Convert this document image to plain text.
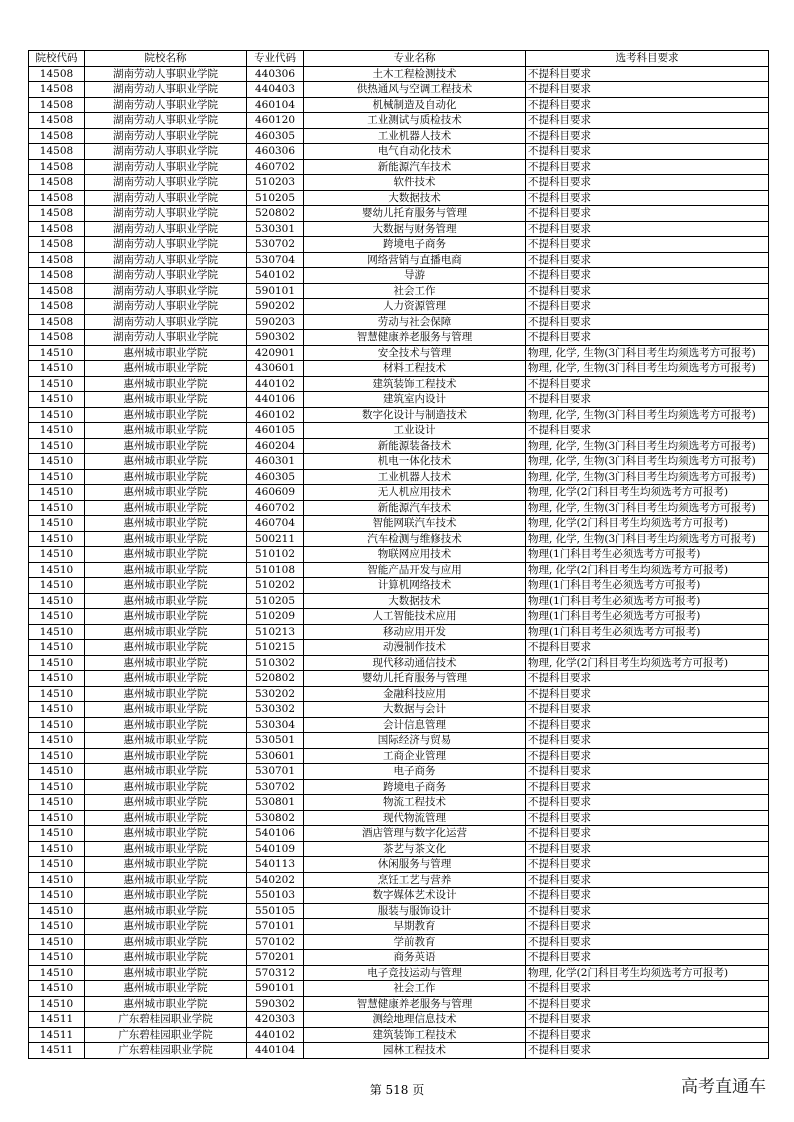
院校代码	院校名称	专业代码	专业名称	选考科目要求
14508	湖南劳动人事职业学院	440306	土木工程检测技术	不提科目要求
14508	湖南劳动人事职业学院	440403	供热通风与空调工程技术	不提科目要求
14508	湖南劳动人事职业学院	460104	机械制造及自动化	不提科目要求
14508	湖南劳动人事职业学院	460120	工业测试与质检技术	不提科目要求
14508	湖南劳动人事职业学院	460305	工业机器人技术	不提科目要求
14508	湖南劳动人事职业学院	460306	电气自动化技术	不提科目要求
14508	湖南劳动人事职业学院	460702	新能源汽车技术	不提科目要求
14508	湖南劳动人事职业学院	510203	软件技术	不提科目要求
14508	湖南劳动人事职业学院	510205	大数据技术	不提科目要求
14508	湖南劳动人事职业学院	520802	婴幼儿托育服务与管理	不提科目要求
14508	湖南劳动人事职业学院	530301	大数据与财务管理	不提科目要求
14508	湖南劳动人事职业学院	530702	跨境电子商务	不提科目要求
14508	湖南劳动人事职业学院	530704	网络营销与直播电商	不提科目要求
14508	湖南劳动人事职业学院	540102	导游	不提科目要求
14508	湖南劳动人事职业学院	590101	社会工作	不提科目要求
14508	湖南劳动人事职业学院	590202	人力资源管理	不提科目要求
14508	湖南劳动人事职业学院	590203	劳动与社会保障	不提科目要求
14508	湖南劳动人事职业学院	590302	智慧健康养老服务与管理	不提科目要求
14510	惠州城市职业学院	420901	安全技术与管理	物理, 化学, 生物(3门科目考生均须选考方可报考)
14510	惠州城市职业学院	430601	材料工程技术	物理, 化学, 生物(3门科目考生均须选考方可报考)
14510	惠州城市职业学院	440102	建筑装饰工程技术	不提科目要求
14510	惠州城市职业学院	440106	建筑室内设计	不提科目要求
14510	惠州城市职业学院	460102	数字化设计与制造技术	物理, 化学, 生物(3门科目考生均须选考方可报考)
14510	惠州城市职业学院	460105	工业设计	不提科目要求
14510	惠州城市职业学院	460204	新能源装备技术	物理, 化学, 生物(3门科目考生均须选考方可报考)
14510	惠州城市职业学院	460301	机电一体化技术	物理, 化学, 生物(3门科目考生均须选考方可报考)
14510	惠州城市职业学院	460305	工业机器人技术	物理, 化学, 生物(3门科目考生均须选考方可报考)
14510	惠州城市职业学院	460609	无人机应用技术	物理, 化学(2门科目考生均须选考方可报考)
14510	惠州城市职业学院	460702	新能源汽车技术	物理, 化学, 生物(3门科目考生均须选考方可报考)
14510	惠州城市职业学院	460704	智能网联汽车技术	物理, 化学(2门科目考生均须选考方可报考)
14510	惠州城市职业学院	500211	汽车检测与维修技术	物理, 化学, 生物(3门科目考生均须选考方可报考)
14510	惠州城市职业学院	510102	物联网应用技术	物理(1门科目考生必须选考方可报考)
14510	惠州城市职业学院	510108	智能产品开发与应用	物理, 化学(2门科目考生均须选考方可报考)
14510	惠州城市职业学院	510202	计算机网络技术	物理(1门科目考生必须选考方可报考)
14510	惠州城市职业学院	510205	大数据技术	物理(1门科目考生必须选考方可报考)
14510	惠州城市职业学院	510209	人工智能技术应用	物理(1门科目考生必须选考方可报考)
14510	惠州城市职业学院	510213	移动应用开发	物理(1门科目考生必须选考方可报考)
14510	惠州城市职业学院	510215	动漫制作技术	不提科目要求
14510	惠州城市职业学院	510302	现代移动通信技术	物理, 化学(2门科目考生均须选考方可报考)
14510	惠州城市职业学院	520802	婴幼儿托育服务与管理	不提科目要求
14510	惠州城市职业学院	530202	金融科技应用	不提科目要求
14510	惠州城市职业学院	530302	大数据与会计	不提科目要求
14510	惠州城市职业学院	530304	会计信息管理	不提科目要求
14510	惠州城市职业学院	530501	国际经济与贸易	不提科目要求
14510	惠州城市职业学院	530601	工商企业管理	不提科目要求
14510	惠州城市职业学院	530701	电子商务	不提科目要求
14510	惠州城市职业学院	530702	跨境电子商务	不提科目要求
14510	惠州城市职业学院	530801	物流工程技术	不提科目要求
14510	惠州城市职业学院	530802	现代物流管理	不提科目要求
14510	惠州城市职业学院	540106	酒店管理与数字化运营	不提科目要求
14510	惠州城市职业学院	540109	茶艺与茶文化	不提科目要求
14510	惠州城市职业学院	540113	休闲服务与管理	不提科目要求
14510	惠州城市职业学院	540202	烹饪工艺与营养	不提科目要求
14510	惠州城市职业学院	550103	数字媒体艺术设计	不提科目要求
14510	惠州城市职业学院	550105	服装与服饰设计	不提科目要求
14510	惠州城市职业学院	570101	早期教育	不提科目要求
14510	惠州城市职业学院	570102	学前教育	不提科目要求
14510	惠州城市职业学院	570201	商务英语	不提科目要求
14510	惠州城市职业学院	570312	电子竞技运动与管理	物理, 化学(2门科目考生均须选考方可报考)
14510	惠州城市职业学院	590101	社会工作	不提科目要求
14510	惠州城市职业学院	590302	智慧健康养老服务与管理	不提科目要求
14511	广东碧桂园职业学院	420303	测绘地理信息技术	不提科目要求
14511	广东碧桂园职业学院	440102	建筑装饰工程技术	不提科目要求
14511	广东碧桂园职业学院	440104	园林工程技术	不提科目要求
第 518 页	高考直通车
